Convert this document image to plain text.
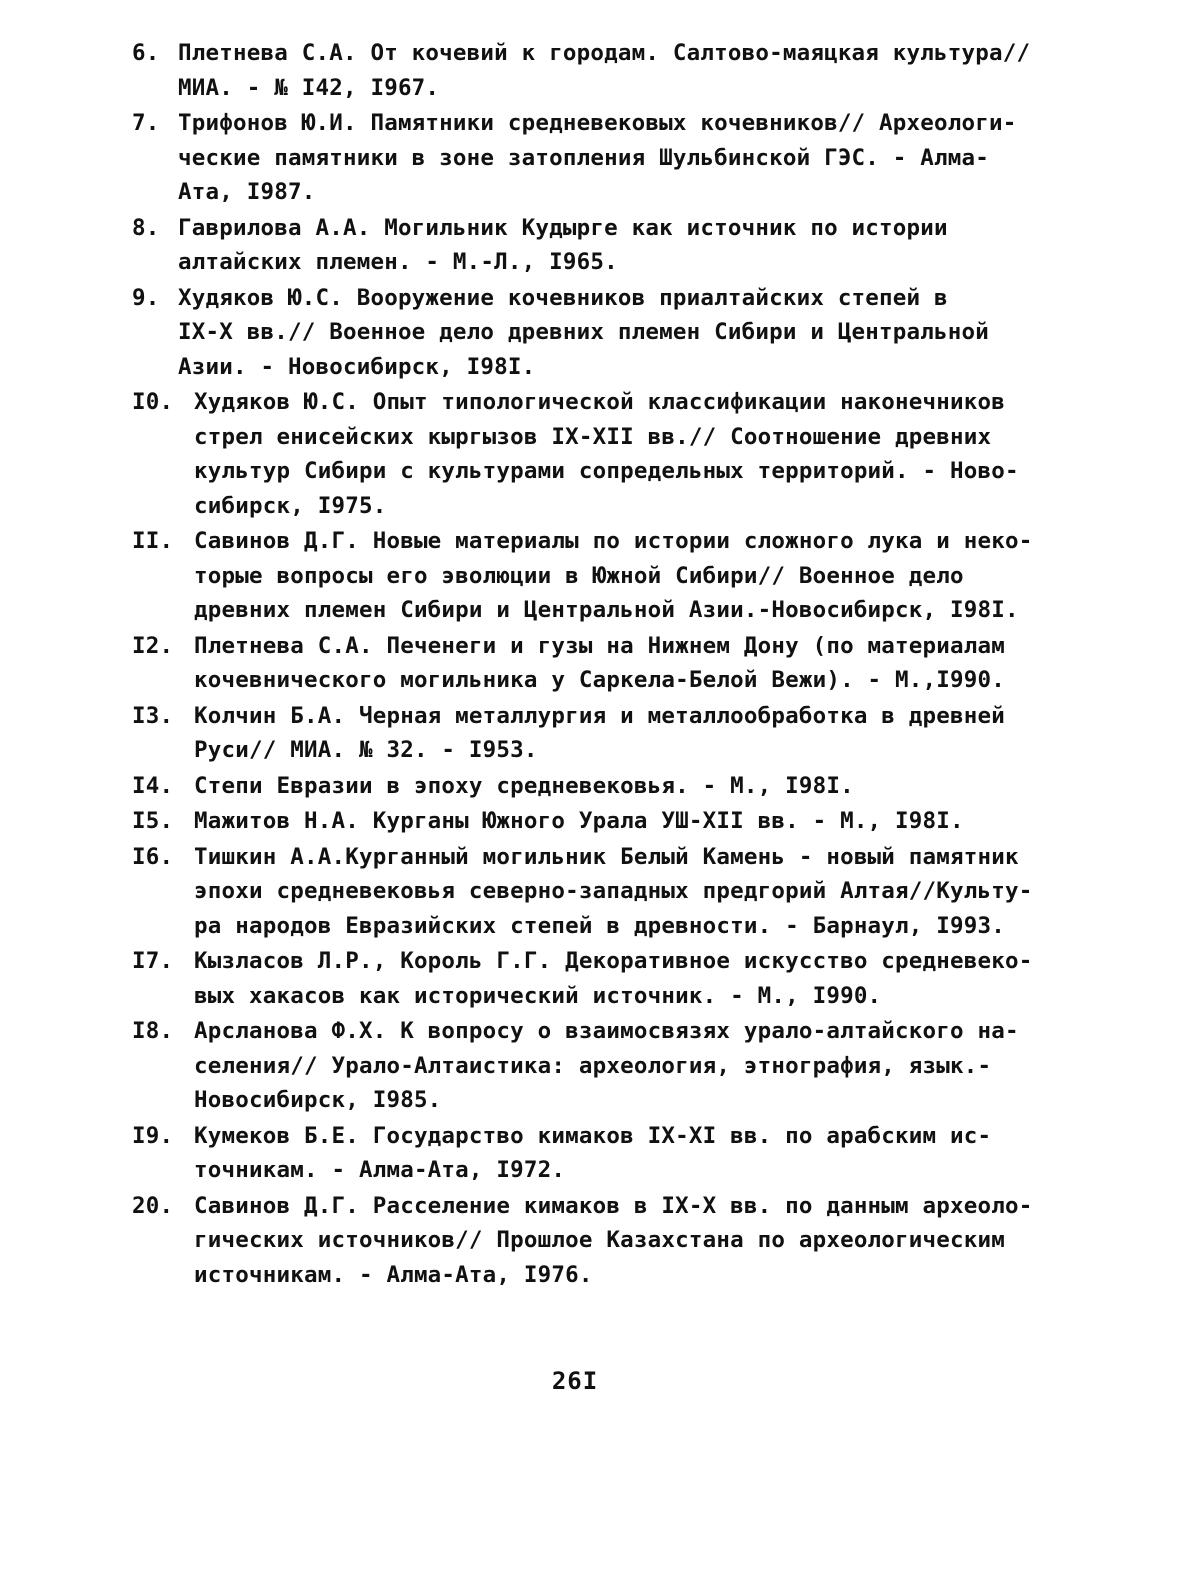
6. Плетнева С.А. От кочевий к городам. Салтово-маяцкая культура//
МИА. - № I42, I967.
7. Трифонов Ю.И. Памятники средневековых кочевников// Археологи-
ческие памятники в зоне затопления Шульбинской ГЭС. - Алма-
Ата, I987.
8. Гаврилова А.А. Могильник Кудырге как источник по истории
алтайских племен. - М.-Л., I965.
9. Худяков Ю.С. Вооружение кочевников приалтайских степей в
IX-X вв.// Военное дело древних племен Сибири и Центральной
Азии. - Новосибирск, I98I.
I0. Худяков Ю.С. Опыт типологической классификации наконечников
стрел енисейских кыргызов IX-XII вв.// Соотношение древних
культур Сибири с культурами сопредельных территорий. - Ново-
сибирск, I975.
II. Савинов Д.Г. Новые материалы по истории сложного лука и неко-
торые вопросы его эволюции в Южной Сибири// Военное дело
древних племен Сибири и Центральной Азии.-Новосибирск, I98I.
I2. Плетнева С.А. Печенеги и гузы на Нижнем Дону (по материалам
кочевнического могильника у Саркела-Белой Вежи). - М.,I990.
I3. Колчин Б.А. Черная металлургия и металлообработка в древней
Руси// МИА. № 32. - I953.
I4. Степи Евразии в эпоху средневековья. - М., I98I.
I5. Мажитов Н.А. Курганы Южного Урала УШ-XII вв. - М., I98I.
I6. Тишкин А.А.Курганный могильник Белый Камень - новый памятник
эпохи средневековья северно-западных предгорий Алтая//Культу-
ра народов Евразийских степей в древности. - Барнаул, I993.
I7. Кызласов Л.Р., Король Г.Г. Декоративное искусство средневеко-
вых хакасов как исторический источник. - М., I990.
I8. Арсланова Ф.Х. К вопросу о взаимосвязях урало-алтайского на-
селения// Урало-Алтаистика: археология, этнография, язык.-
Новосибирск, I985.
I9. Кумеков Б.Е. Государство кимаков IX-XI вв. по арабским ис-
точникам. - Алма-Ата, I972.
20. Савинов Д.Г. Расселение кимаков в IX-X вв. по данным археоло-
гических источников// Прошлое Казахстана по археологическим
источникам. - Алма-Ата, I976.
26I
